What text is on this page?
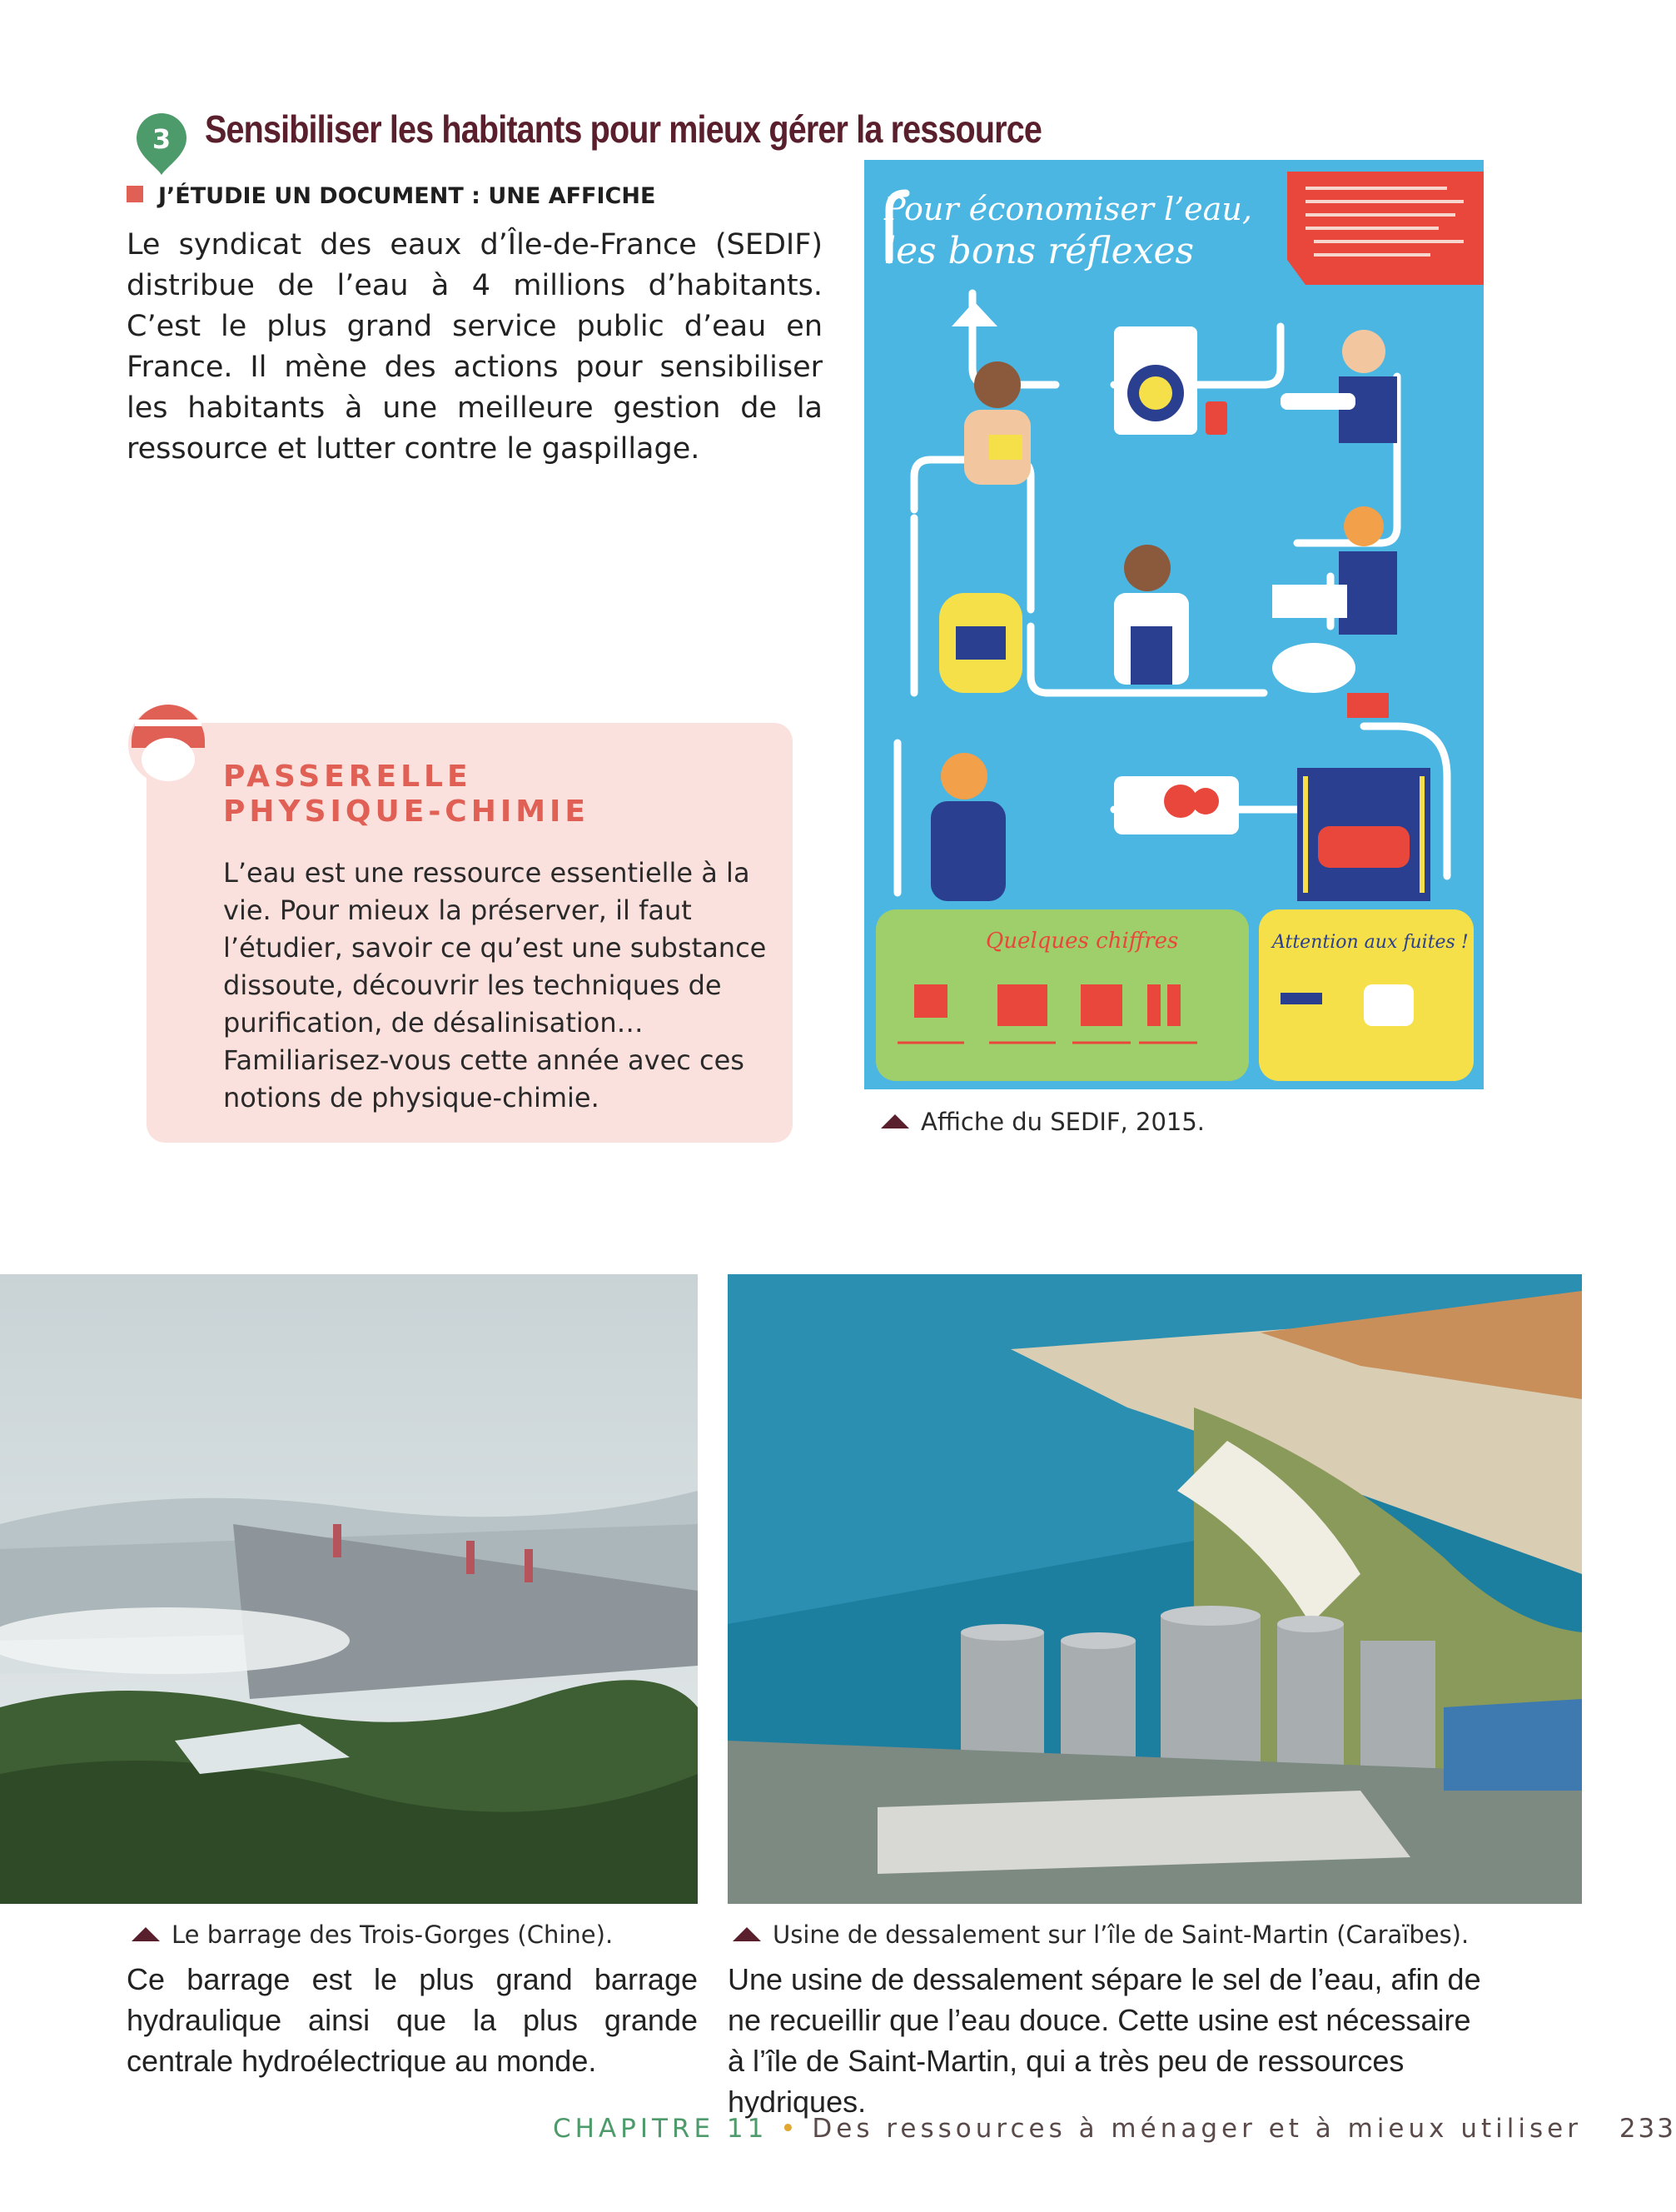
3 Sensibiliser les habitants pour mieux gérer la ressource
J’ÉTUDIE UN DOCUMENT : UNE AFFICHE
Le syndicat des eaux d’Île-de-France (SEDIF) distribue de l’eau à 4 millions d’habitants. C’est le plus grand service public d’eau en France. Il mène des actions pour sensibiliser les habitants à une meilleure gestion de la ressource et lutter contre le gaspillage.
PASSERELLE
PHYSIQUE-CHIMIE
L’eau est une ressource essentielle à la vie. Pour mieux la préserver, il faut l’étudier, savoir ce qu’est une substance dissoute, découvrir les techniques de purification, de désalinisation… Familiarisez-vous cette année avec ces notions de physique-chimie.
Pour économiser l’eau,
les bons réflexes
Quelques chiffres	Attention aux fuites !
Affiche du SEDIF, 2015.
Le barrage des Trois-Gorges (Chine).	Usine de dessalement sur l’île de Saint-Martin (Caraïbes).
Ce barrage est le plus grand barrage hydraulique ainsi que la plus grande centrale hydroélectrique au monde.
Une usine de dessalement sépare le sel de l’eau, afin de ne recueillir que l’eau douce. Cette usine est nécessaire à l’île de Saint-Martin, qui a très peu de ressources hydriques.
CHAPITRE 11 • Des ressources à ménager et à mieux utiliser 233
